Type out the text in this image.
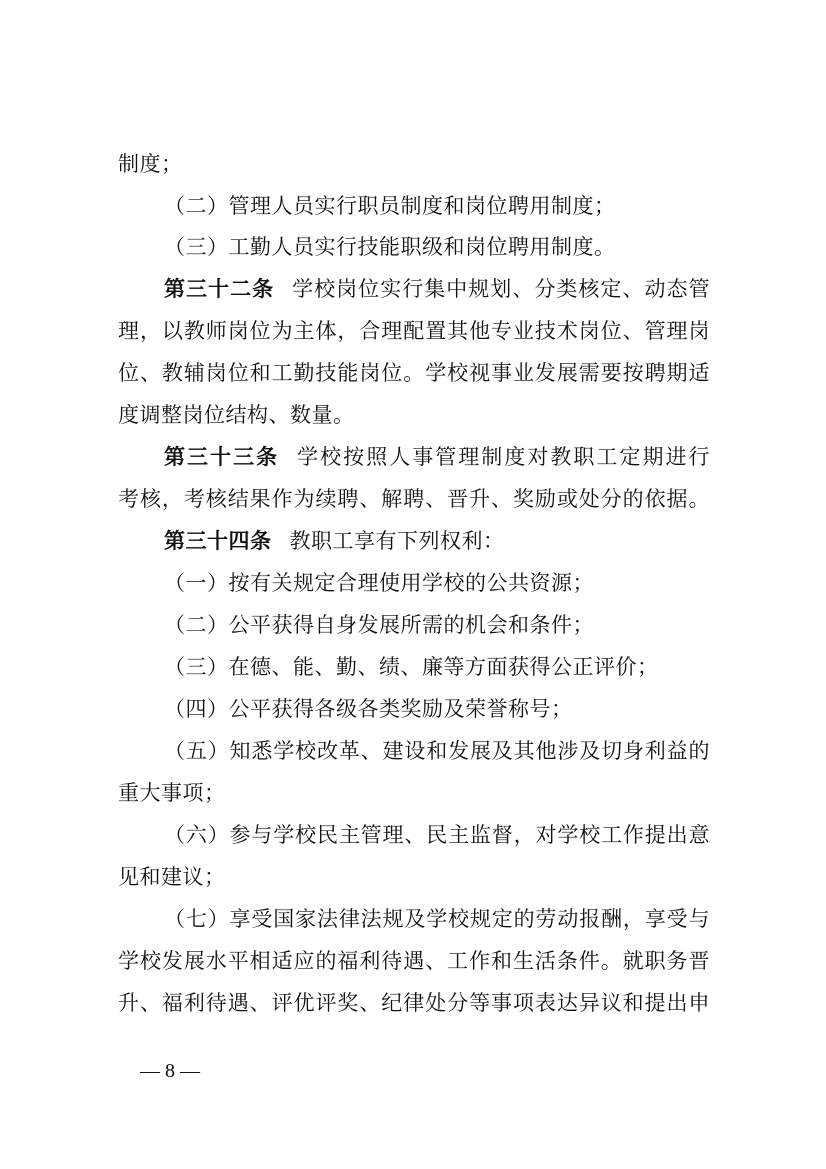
制度；
（二）管理人员实行职员制度和岗位聘用制度；
（三）工勤人员实行技能职级和岗位聘用制度。
第三十二条 学校岗位实行集中规划、分类核定、动态管
理，以教师岗位为主体，合理配置其他专业技术岗位、管理岗
位、教辅岗位和工勤技能岗位。学校视事业发展需要按聘期适
度调整岗位结构、数量。
第三十三条 学校按照人事管理制度对教职工定期进行
考核，考核结果作为续聘、解聘、晋升、奖励或处分的依据。
第三十四条 教职工享有下列权利：
（一）按有关规定合理使用学校的公共资源；
（二）公平获得自身发展所需的机会和条件；
（三）在德、能、勤、绩、廉等方面获得公正评价；
（四）公平获得各级各类奖励及荣誉称号；
（五）知悉学校改革、建设和发展及其他涉及切身利益的
重大事项；
（六）参与学校民主管理、民主监督，对学校工作提出意
见和建议；
（七）享受国家法律法规及学校规定的劳动报酬，享受与
学校发展水平相适应的福利待遇、工作和生活条件。就职务晋
升、福利待遇、评优评奖、纪律处分等事项表达异议和提出申
— 8 —
